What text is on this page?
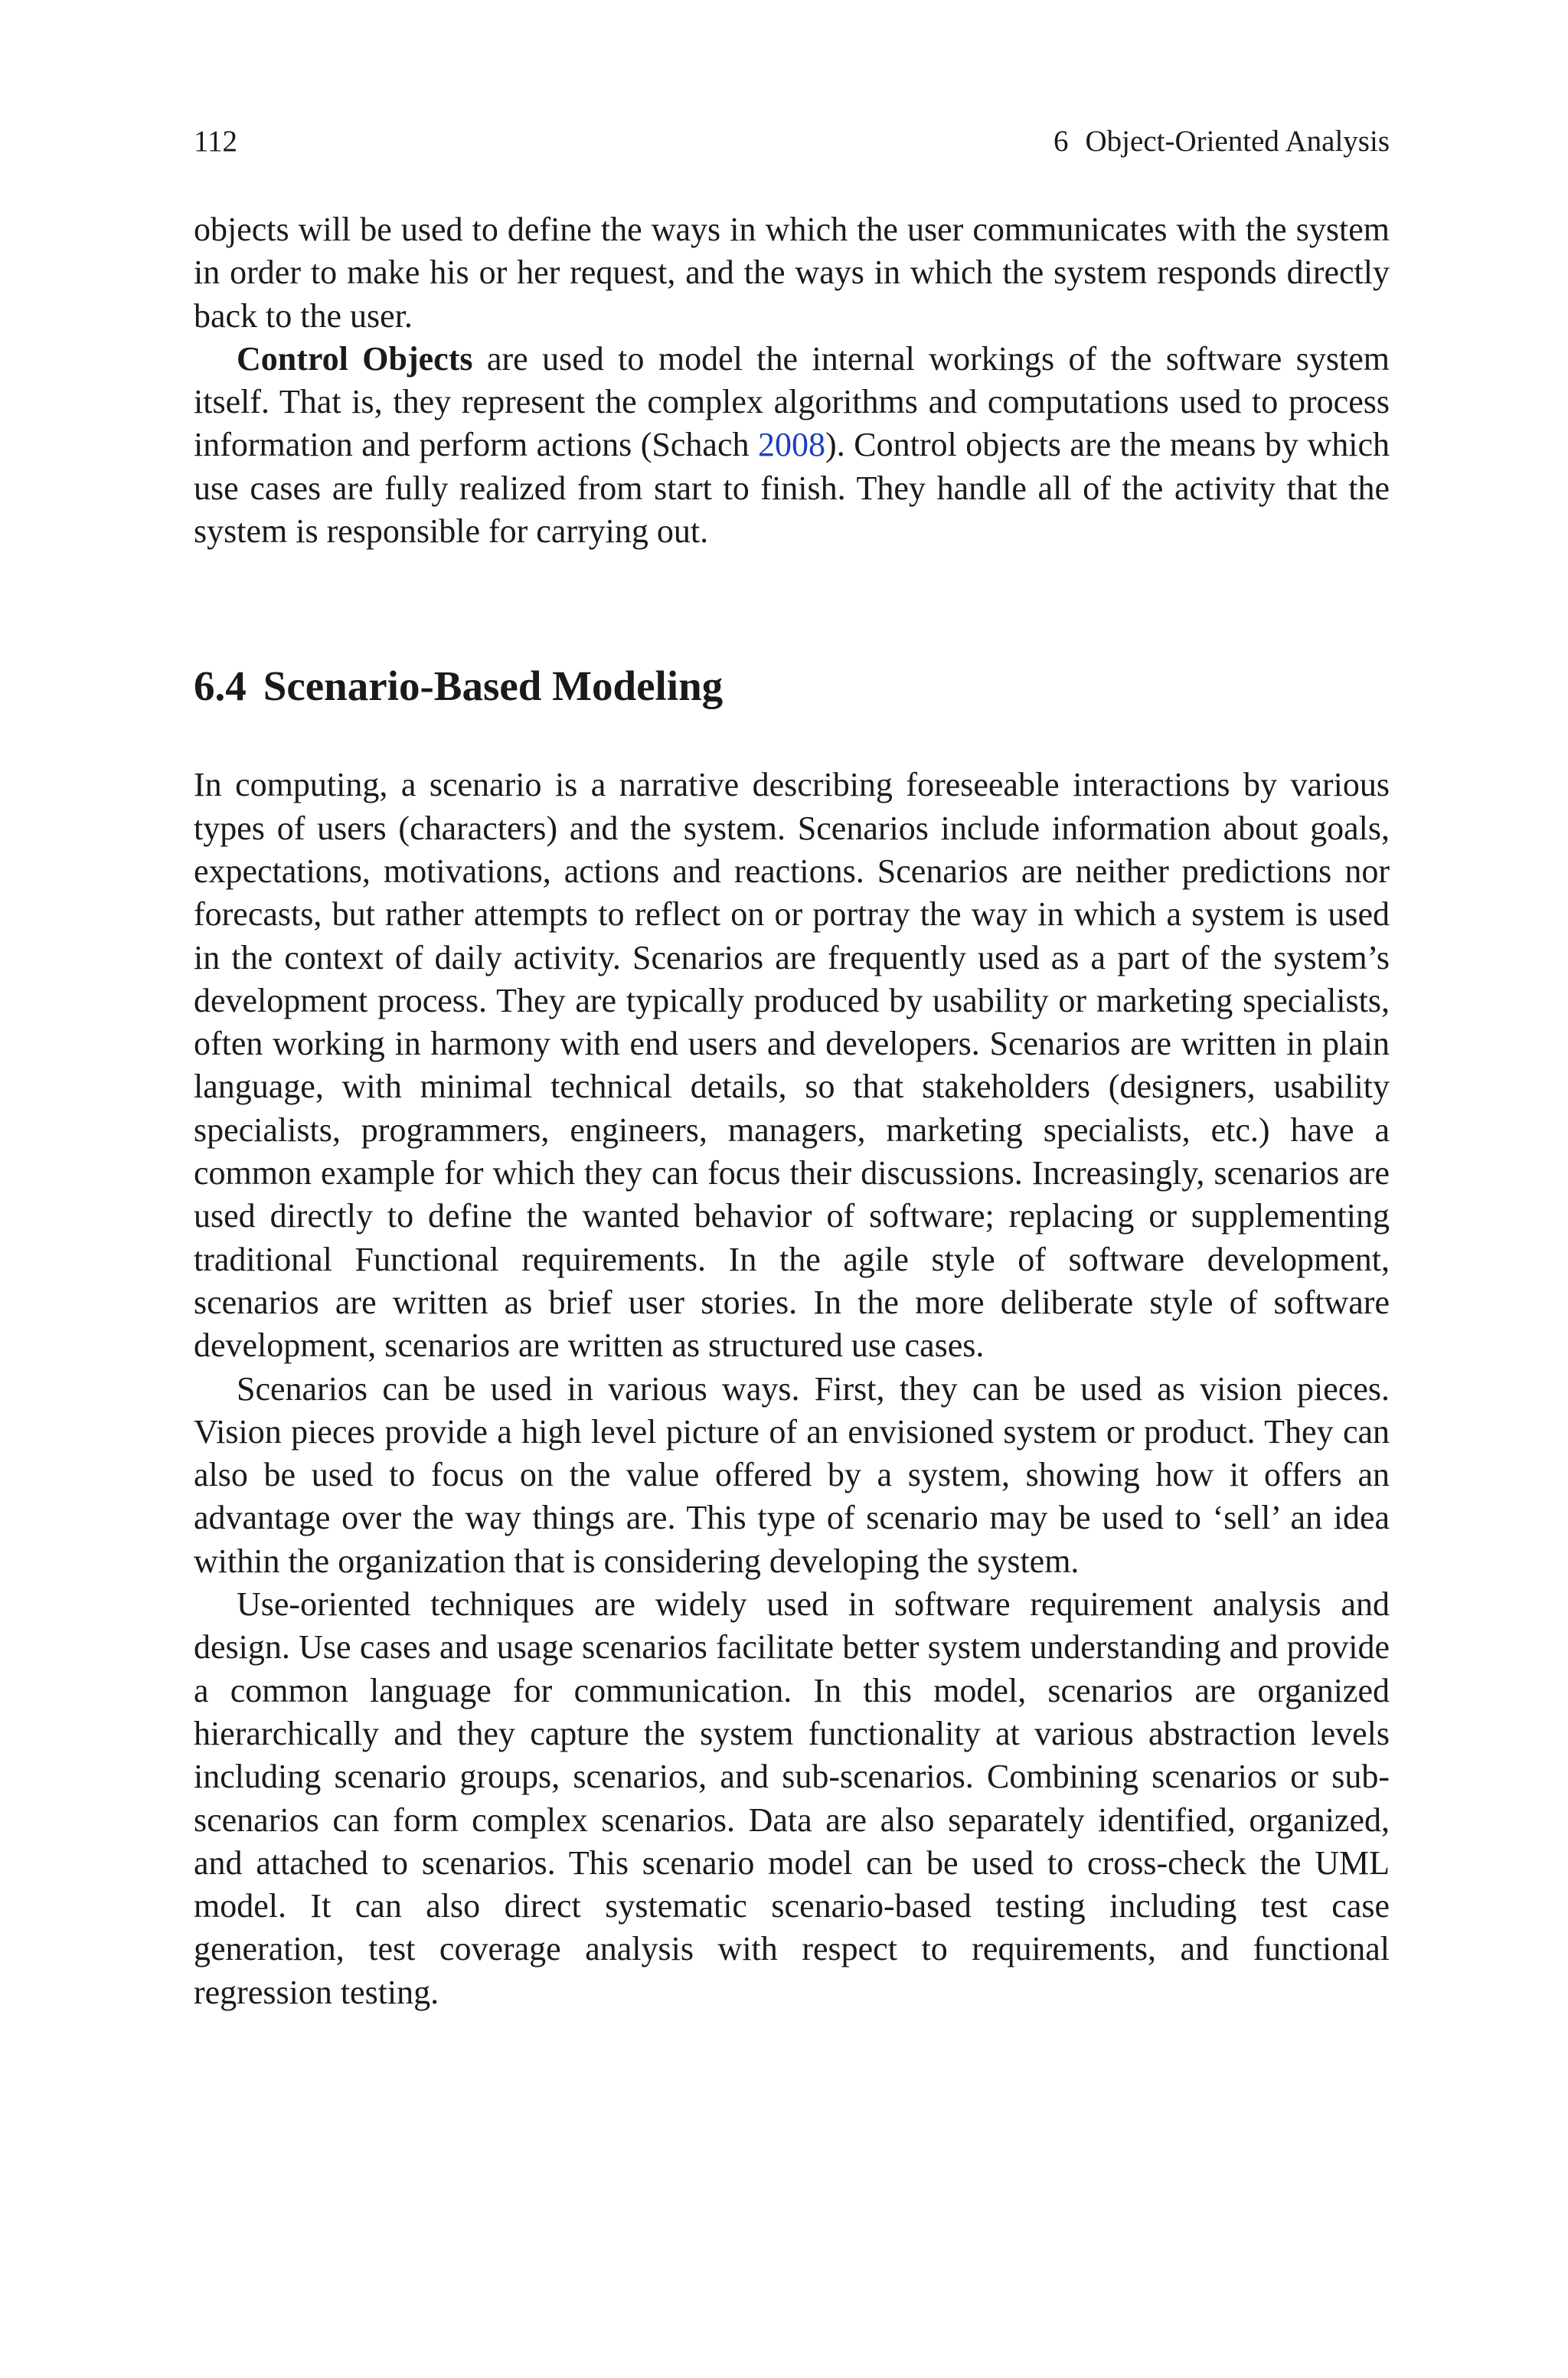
112	6 Object-Oriented Analysis

objects will be used to define the ways in which the user communicates with the system in order to make his or her request, and the ways in which the system responds directly back to the user.

Control Objects are used to model the internal workings of the software system itself. That is, they represent the complex algorithms and computations used to process information and perform actions (Schach 2008). Control objects are the means by which use cases are fully realized from start to finish. They handle all of the activity that the system is responsible for carrying out.

6.4 Scenario-Based Modeling

In computing, a scenario is a narrative describing foreseeable interactions by various types of users (characters) and the system. Scenarios include information about goals, expectations, motivations, actions and reactions. Scenarios are neither predictions nor forecasts, but rather attempts to reflect on or portray the way in which a system is used in the context of daily activity. Scenarios are frequently used as a part of the system’s development process. They are typically produced by usability or marketing specialists, often working in harmony with end users and developers. Scenarios are written in plain language, with minimal technical details, so that stakeholders (designers, usability specialists, programmers, engineers, managers, marketing specialists, etc.) have a common example for which they can focus their discussions. Increasingly, scenarios are used directly to define the wanted behavior of software; replacing or supplementing traditional Functional requirements. In the agile style of software development, scenarios are written as brief user stories. In the more deliberate style of software development, scenarios are written as structured use cases.

Scenarios can be used in various ways. First, they can be used as vision pieces. Vision pieces provide a high level picture of an envisioned system or product. They can also be used to focus on the value offered by a system, showing how it offers an advantage over the way things are. This type of scenario may be used to ‘sell’ an idea within the organization that is considering developing the system.

Use-oriented techniques are widely used in software requirement analysis and design. Use cases and usage scenarios facilitate better system understanding and provide a common language for communication. In this model, scenarios are organized hierarchically and they capture the system functionality at various abstraction levels including scenario groups, scenarios, and sub-scenarios. Combining scenarios or sub-scenarios can form complex scenarios. Data are also separately identified, organized, and attached to scenarios. This scenario model can be used to cross-check the UML model. It can also direct systematic scenario-based testing including test case generation, test coverage analysis with respect to requirements, and functional regression testing.
